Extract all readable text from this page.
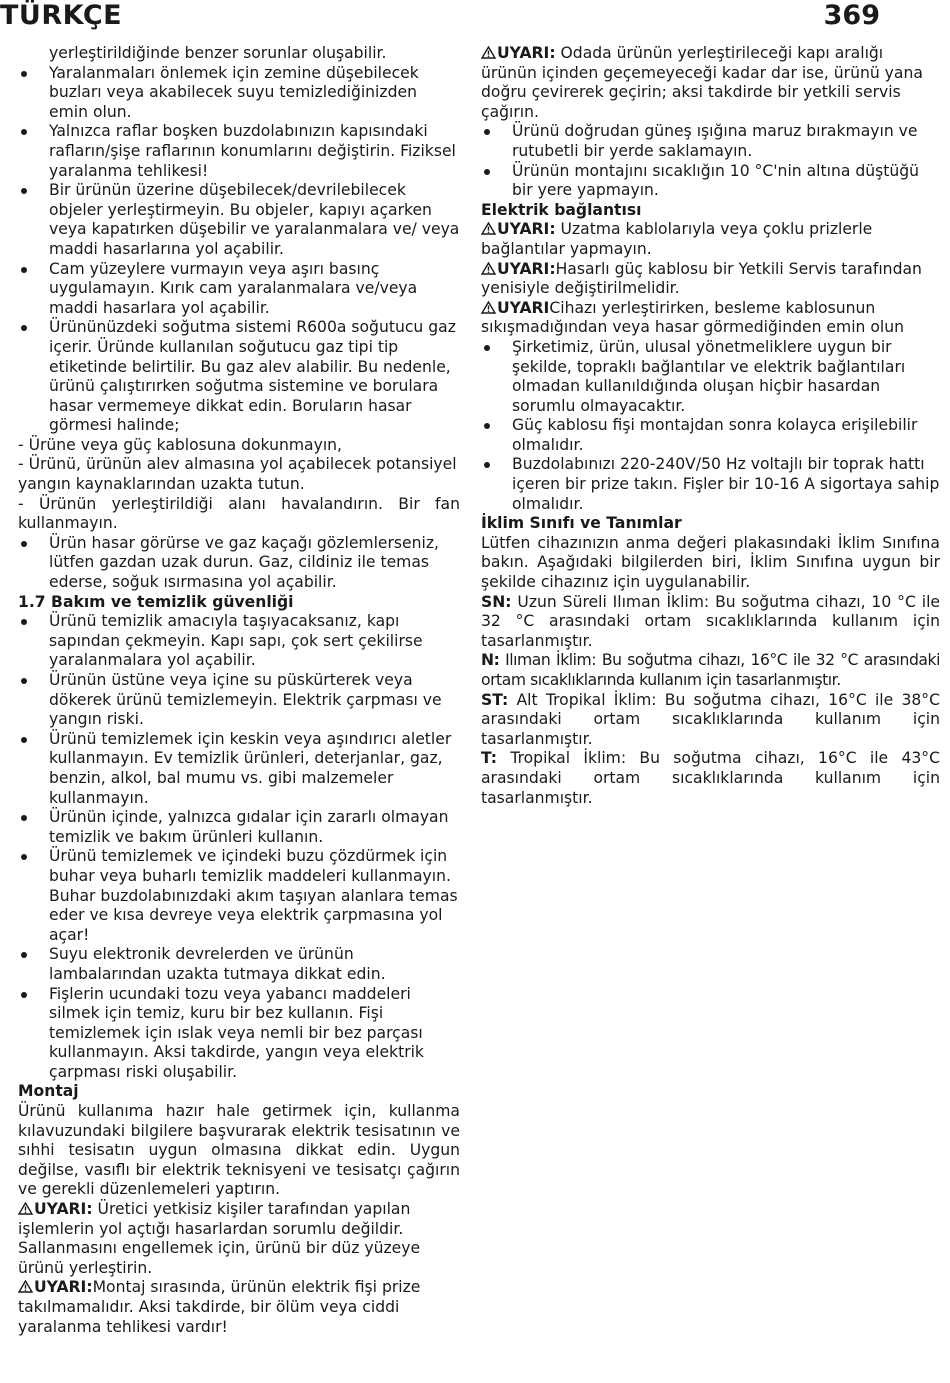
TÜRKÇE	369

yerleştirildiğinde benzer sorunlar oluşabilir.

Yaralanmaları önlemek için zemine düşebilecek buzları veya akabilecek suyu temizlediğinizden emin olun.
Yalnızca raflar boşken buzdolabınızın kapısındaki rafların/şişe raflarının konumlarını değiştirin. Fiziksel yaralanma tehlikesi!
Bir ürünün üzerine düşebilecek/devrilebilecek objeler yerleştirmeyin. Bu objeler, kapıyı açarken veya kapatırken düşebilir ve yaralanmalara ve/ veya maddi hasarlarına yol açabilir.
Cam yüzeylere vurmayın veya aşırı basınç uygulamayın. Kırık cam yaralanmalara ve/veya maddi hasarlara yol açabilir.
Ürününüzdeki soğutma sistemi R600a soğutucu gaz içerir. Üründe kullanılan soğutucu gaz tipi tip etiketinde belirtilir. Bu gaz alev alabilir. Bu nedenle, ürünü çalıştırırken soğutma sistemine ve borulara hasar vermemeye dikkat edin. Boruların hasar görmesi halinde;

- Ürüne veya güç kablosuna dokunmayın,

- Ürünü, ürünün alev almasına yol açabilecek potansiyel yangın kaynaklarından uzakta tutun.

- Ürünün yerleştirildiği alanı havalandırın. Bir fan kullanmayın.

Ürün hasar görürse ve gaz kaçağı gözlemlerseniz, lütfen gazdan uzak durun. Gaz, cildiniz ile temas ederse, soğuk ısırmasına yol açabilir.

1.7 Bakım ve temizlik güvenliği

Ürünü temizlik amacıyla taşıyacaksanız, kapı sapından çekmeyin. Kapı sapı, çok sert çekilirse yaralanmalara yol açabilir.
Ürünün üstüne veya içine su püskürterek veya dökerek ürünü temizlemeyin. Elektrik çarpması ve yangın riski.
Ürünü temizlemek için keskin veya aşındırıcı aletler kullanmayın. Ev temizlik ürünleri, deterjanlar, gaz, benzin, alkol, bal mumu vs. gibi malzemeler kullanmayın.
Ürünün içinde, yalnızca gıdalar için zararlı olmayan temizlik ve bakım ürünleri kullanın.
Ürünü temizlemek ve içindeki buzu çözdürmek için buhar veya buharlı temizlik maddeleri kullanmayın. Buhar buzdolabınızdaki akım taşıyan alanlara temas eder ve kısa devreye veya elektrik çarpmasına yol açar!
Suyu elektronik devrelerden ve ürünün lambalarından uzakta tutmaya dikkat edin.
Fişlerin ucundaki tozu veya yabancı maddeleri silmek için temiz, kuru bir bez kullanın. Fişi temizlemek için ıslak veya nemli bir bez parçası kullanmayın. Aksi takdirde, yangın veya elektrik çarpması riski oluşabilir.

Montaj

Ürünü kullanıma hazır hale getirmek için, kullanma kılavuzundaki bilgilere başvurarak elektrik tesisatının ve sıhhi tesisatın uygun olmasına dikkat edin. Uygun değilse, vasıflı bir elektrik teknisyeni ve tesisatçı çağırın ve gerekli düzenlemeleri yaptırın.

UYARI: Üretici yetkisiz kişiler tarafından yapılan işlemlerin yol açtığı hasarlardan sorumlu değildir. Sallanmasını engellemek için, ürünü bir düz yüzeye ürünü yerleştirin.

UYARI:Montaj sırasında, ürünün elektrik fişi prize takılmamalıdır. Aksi takdirde, bir ölüm veya ciddi yaralanma tehlikesi vardır!

UYARI: Odada ürünün yerleştirileceği kapı aralığı ürünün içinden geçemeyeceği kadar dar ise, ürünü yana doğru çevirerek geçirin; aksi takdirde bir yetkili servis çağırın.

Ürünü doğrudan güneş ışığına maruz bırakmayın ve rutubetli bir yerde saklamayın.
Ürünün montajını sıcaklığın 10 °C'nin altına düştüğü bir yere yapmayın.

Elektrik bağlantısı

UYARI: Uzatma kablolarıyla veya çoklu prizlerle bağlantılar yapmayın.

UYARI:Hasarlı güç kablosu bir Yetkili Servis tarafından yenisiyle değiştirilmelidir.

UYARICihazı yerleştirirken, besleme kablosunun sıkışmadığından veya hasar görmediğinden emin olun

Şirketimiz, ürün, ulusal yönetmeliklere uygun bir şekilde, topraklı bağlantılar ve elektrik bağlantıları olmadan kullanıldığında oluşan hiçbir hasardan sorumlu olmayacaktır.
Güç kablosu fişi montajdan sonra kolayca erişilebilir olmalıdır.
Buzdolabınızı 220-240V/50 Hz voltajlı bir toprak hattı içeren bir prize takın. Fişler bir 10-16 A sigortaya sahip olmalıdır.

İklim Sınıfı ve Tanımlar

Lütfen cihazınızın anma değeri plakasındaki İklim Sınıfına bakın. Aşağıdaki bilgilerden biri, İklim Sınıfına uygun bir şekilde cihazınız için uygulanabilir.

SN: Uzun Süreli Ilıman İklim: Bu soğutma cihazı, 10 °C ile 32 °C arasındaki ortam sıcaklıklarında kullanım için tasarlanmıştır.

N: Ilıman İklim: Bu soğutma cihazı, 16°C ile 32 °C arasındaki ortam sıcaklıklarında kullanım için tasarlanmıştır.

ST: Alt Tropikal İklim: Bu soğutma cihazı, 16°C ile 38°C arasındaki ortam sıcaklıklarında kullanım için tasarlanmıştır.

T: Tropikal İklim: Bu soğutma cihazı, 16°C ile 43°C arasındaki ortam sıcaklıklarında kullanım için tasarlanmıştır.
